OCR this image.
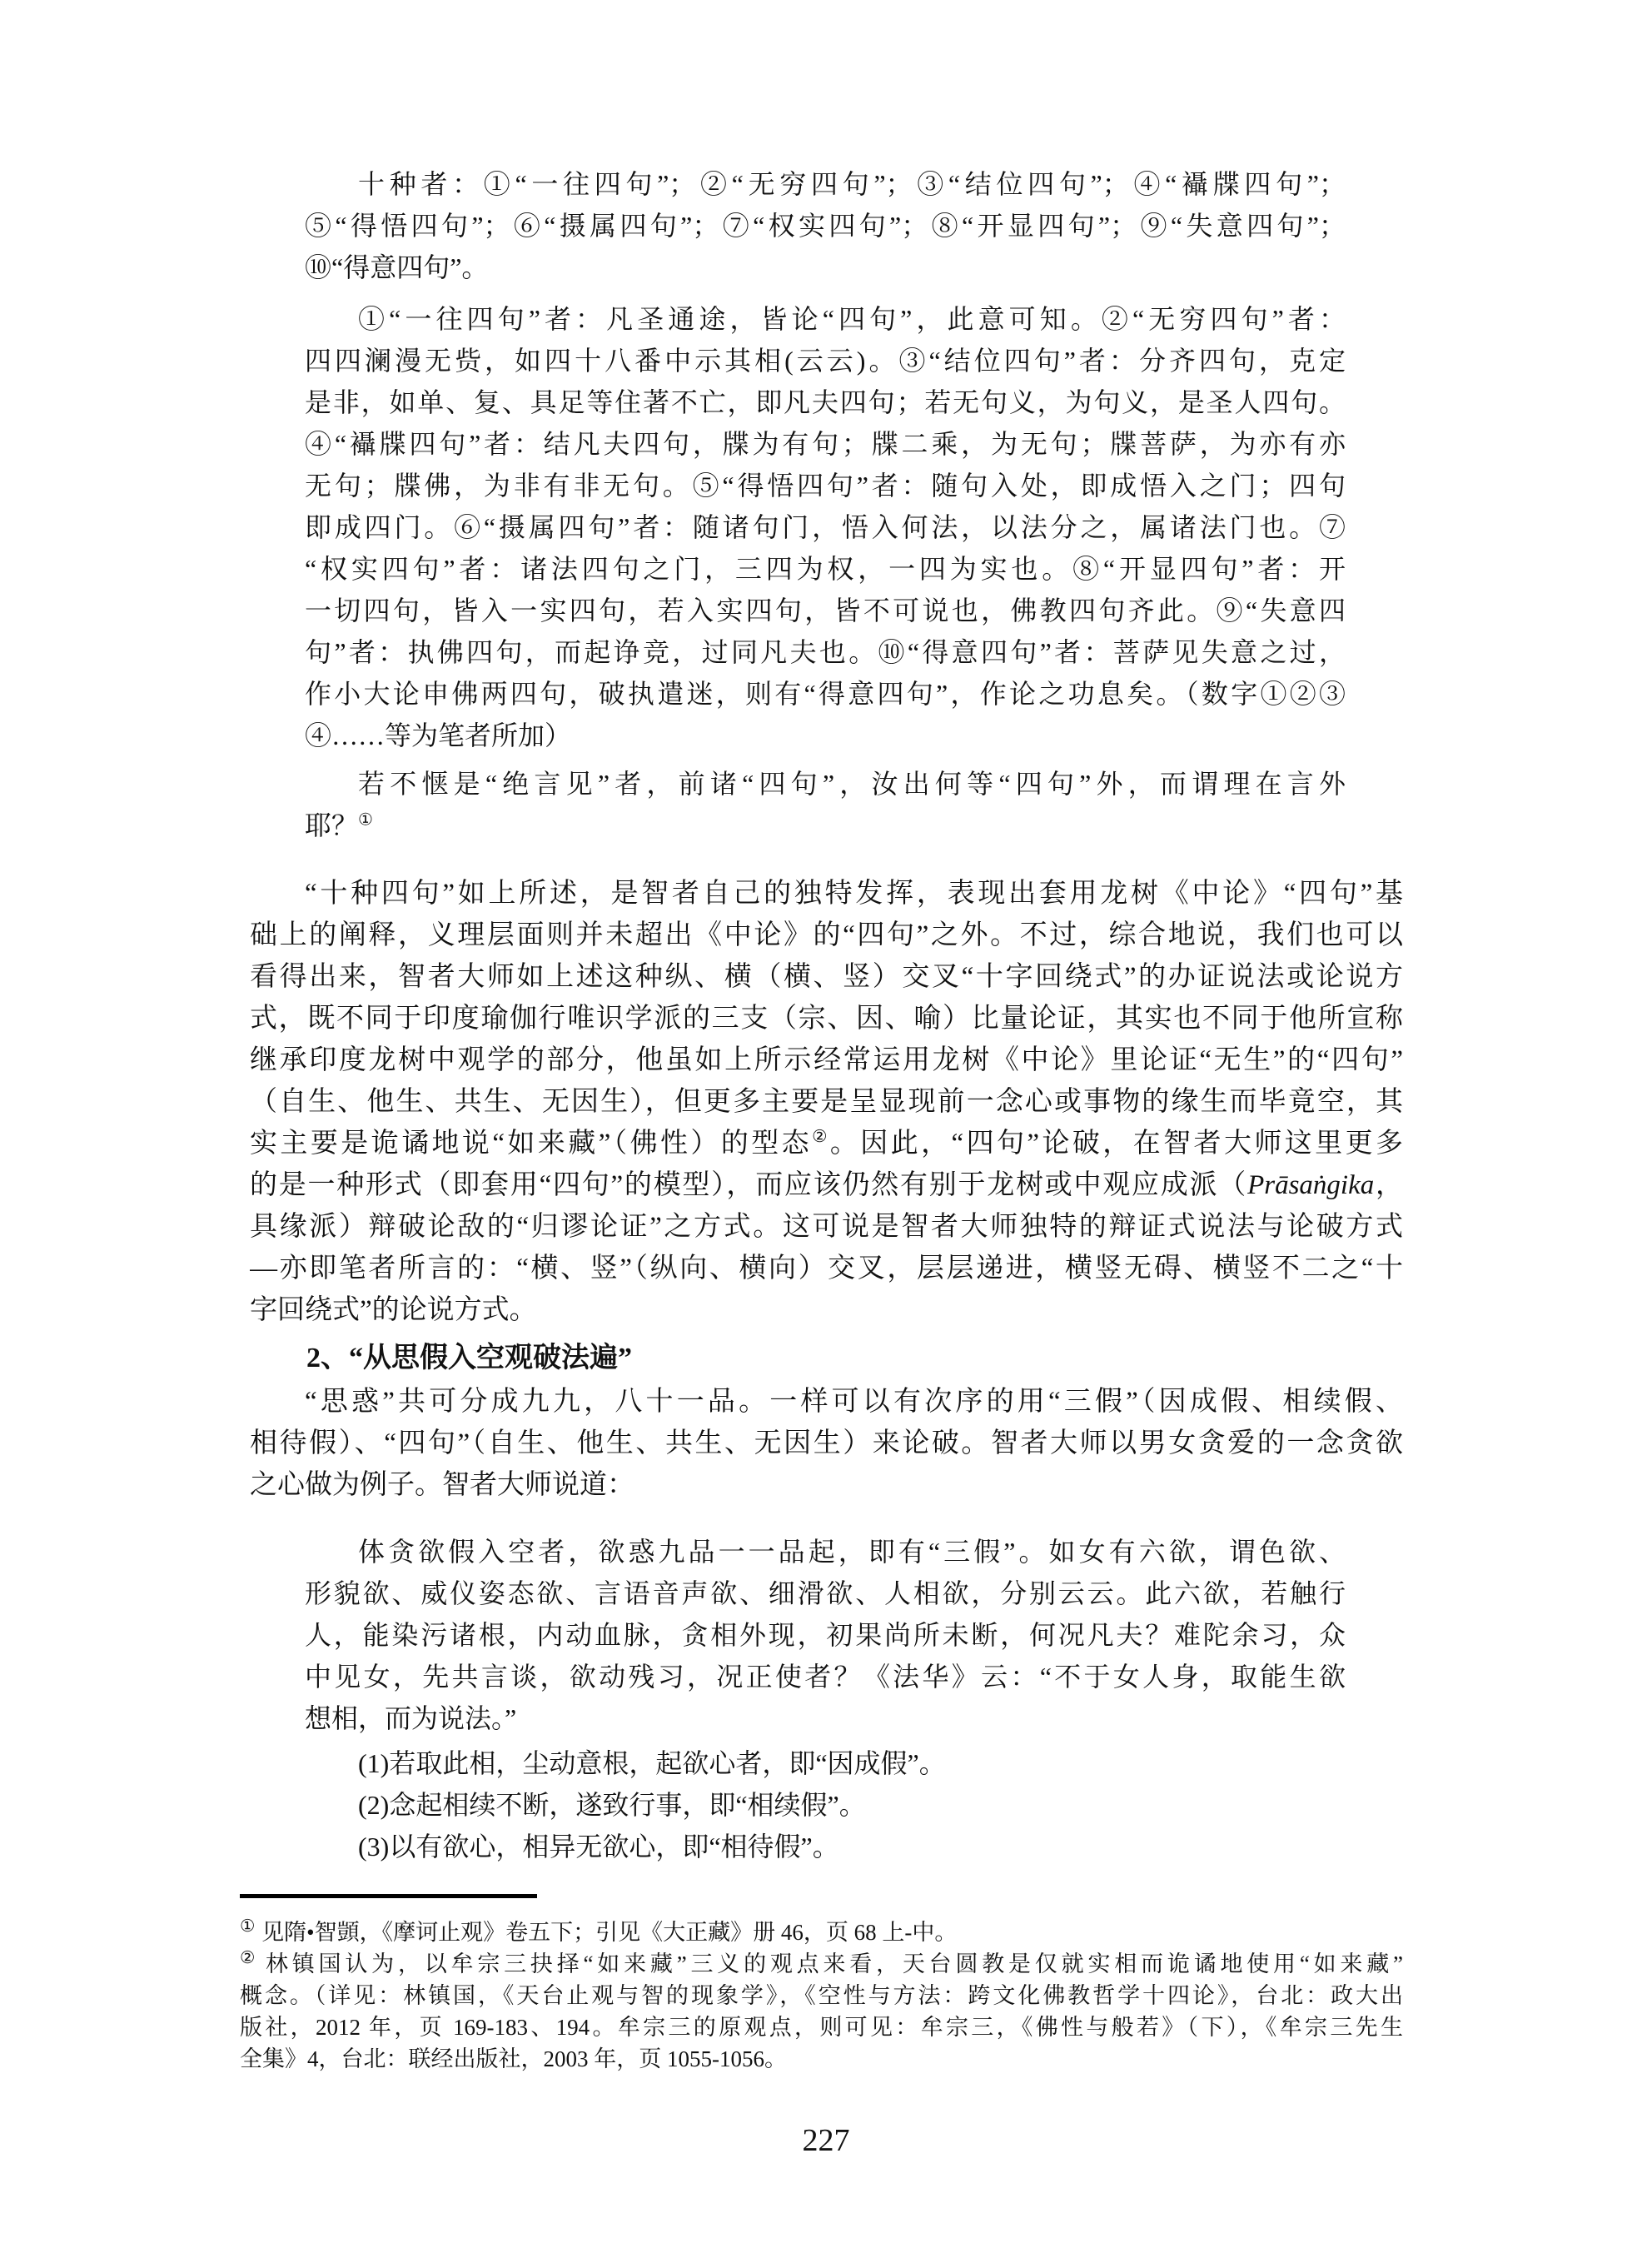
十种者：①“一往四句”；②“无穷四句”；③“结位四句”；④“襵牒四句”；
⑤“得悟四句”；⑥“摄属四句”；⑦“权实四句”；⑧“开显四句”；⑨“失意四句”；
⑩“得意四句”。
①“一往四句”者：凡圣通途，皆论“四句”，此意可知。②“无穷四句”者：
四四澜漫无赀，如四十八番中示其相(云云)。③“结位四句”者：分齐四句，克定
是非，如单、复、具足等住著不亡，即凡夫四句；若无句义，为句义，是圣人四句。
④“襵牒四句”者：结凡夫四句，牒为有句；牒二乘，为无句；牒菩萨，为亦有亦
无句；牒佛，为非有非无句。⑤“得悟四句”者：随句入处，即成悟入之门；四句
即成四门。⑥“摄属四句”者：随诸句门，悟入何法，以法分之，属诸法门也。⑦
“权实四句”者：诸法四句之门，三四为权，一四为实也。⑧“开显四句”者：开
一切四句，皆入一实四句，若入实四句，皆不可说也，佛教四句齐此。⑨“失意四
句”者：执佛四句，而起诤竞，过同凡夫也。⑩“得意四句”者：菩萨见失意之过，
作小大论申佛两四句，破执遣迷，则有“得意四句”，作论之功息矣。（数字①②③
④……等为笔者所加）
若不惬是“绝言见”者，前诸“四句”，汝出何等“四句”外，而谓理在言外
耶？①
“十种四句”如上所述，是智者自己的独特发挥，表现出套用龙树《中论》“四句”基
础上的阐释，义理层面则并未超出《中论》的“四句”之外。不过，综合地说，我们也可以
看得出来，智者大师如上述这种纵、横（横、竖）交叉“十字回绕式”的办证说法或论说方
式，既不同于印度瑜伽行唯识学派的三支（宗、因、喻）比量论证，其实也不同于他所宣称
继承印度龙树中观学的部分，他虽如上所示经常运用龙树《中论》里论证“无生”的“四句”
（自生、他生、共生、无因生），但更多主要是呈显现前一念心或事物的缘生而毕竟空，其
实主要是诡谲地说“如来藏”（佛性）的型态②。因此，“四句”论破，在智者大师这里更多
的是一种形式（即套用“四句”的模型），而应该仍然有别于龙树或中观应成派（Prāsaṅgika，
具缘派）辩破论敌的“归谬论证”之方式。这可说是智者大师独特的辩证式说法与论破方式
—亦即笔者所言的：“横、竖”（纵向、横向）交叉，层层递进，横竖无碍、横竖不二之“十
字回绕式”的论说方式。
2、“从思假入空观破法遍”
“思惑”共可分成九九，八十一品。一样可以有次序的用“三假”（因成假、相续假、
相待假）、“四句”（自生、他生、共生、无因生）来论破。智者大师以男女贪爱的一念贪欲
之心做为例子。智者大师说道：
体贪欲假入空者，欲惑九品一一品起，即有“三假”。如女有六欲，谓色欲、
形貌欲、威仪姿态欲、言语音声欲、细滑欲、人相欲，分别云云。此六欲，若触行
人，能染污诸根，内动血脉，贪相外现，初果尚所未断，何况凡夫？难陀余习，众
中见女，先共言谈，欲动残习，况正使者？《法华》云：“不于女人身，取能生欲
想相，而为说法。”
(1)若取此相，尘动意根，起欲心者，即“因成假”。
(2)念起相续不断，遂致行事，即“相续假”。
(3)以有欲心，相异无欲心，即“相待假”。
① 见隋•智顗，《摩诃止观》卷五下；引见《大正藏》册 46，页 68 上-中。
② 林镇国认为，以牟宗三抉择“如来藏”三义的观点来看，天台圆教是仅就实相而诡谲地使用“如来藏”
概念。（详见：林镇国，《天台止观与智的现象学》，《空性与方法：跨文化佛教哲学十四论》，台北：政大出
版社，2012 年，页 169-183、194。牟宗三的原观点，则可见：牟宗三，《佛性与般若》（下），《牟宗三先生
全集》4，台北：联经出版社，2003 年，页 1055-1056。
227
